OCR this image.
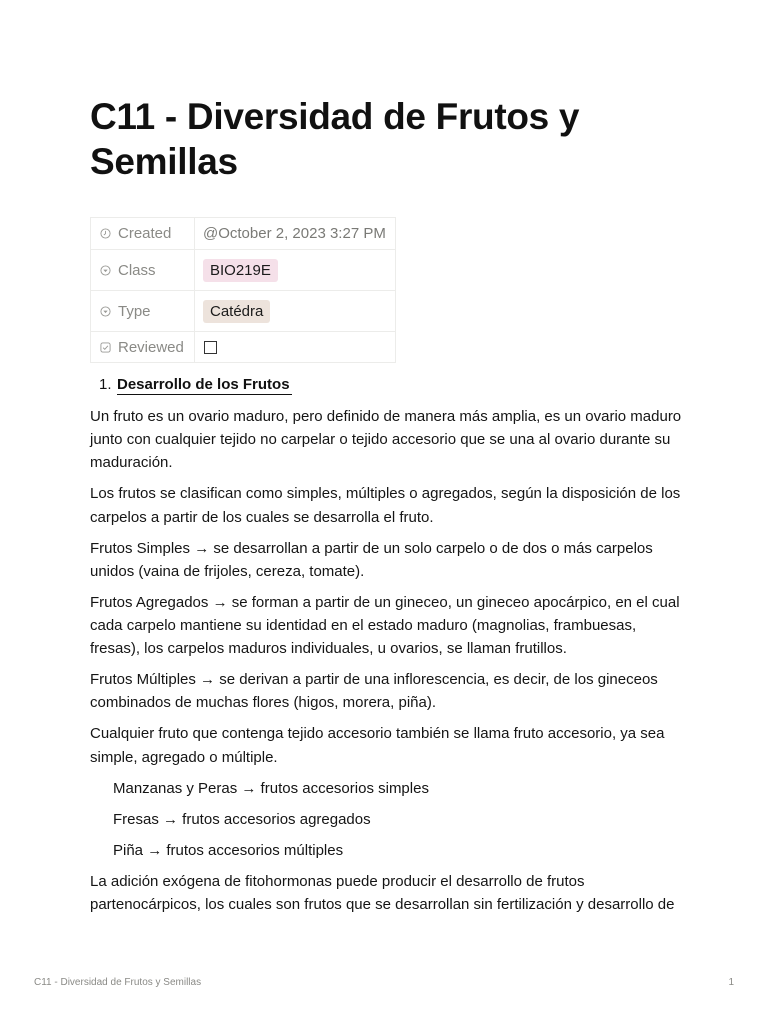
C11 - Diversidad de Frutos y Semillas
Created	@October 2, 2023 3:27 PM

Class	BIO219E

Type	Catédra

Reviewed	
1. Desarrollo de los Frutos

Un fruto es un ovario maduro, pero definido de manera más amplia, es un ovario maduro junto con cualquier tejido no carpelar o tejido accesorio que se una al ovario durante su maduración.

Los frutos se clasifican como simples, múltiples o agregados, según la disposición de los carpelos a partir de los cuales se desarrolla el fruto.

Frutos Simples → se desarrollan a partir de un solo carpelo o de dos o más carpelos unidos (vaina de frijoles, cereza, tomate).

Frutos Agregados → se forman a partir de un gineceo, un gineceo apocárpico, en el cual cada carpelo mantiene su identidad en el estado maduro (magnolias, frambuesas, fresas), los carpelos maduros individuales, u ovarios, se llaman frutillos.

Frutos Múltiples → se derivan a partir de una inflorescencia, es decir, de los gineceos combinados de muchas flores (higos, morera, piña).

Cualquier fruto que contenga tejido accesorio también se llama fruto accesorio, ya sea simple, agregado o múltiple.

Manzanas y Peras → frutos accesorios simples

Fresas → frutos accesorios agregados

Piña → frutos accesorios múltiples

La adición exógena de fitohormonas puede producir el desarrollo de frutos partenocárpicos, los cuales son frutos que se desarrollan sin fertilización y desarrollo de

C11 - Diversidad de Frutos y Semillas	1
